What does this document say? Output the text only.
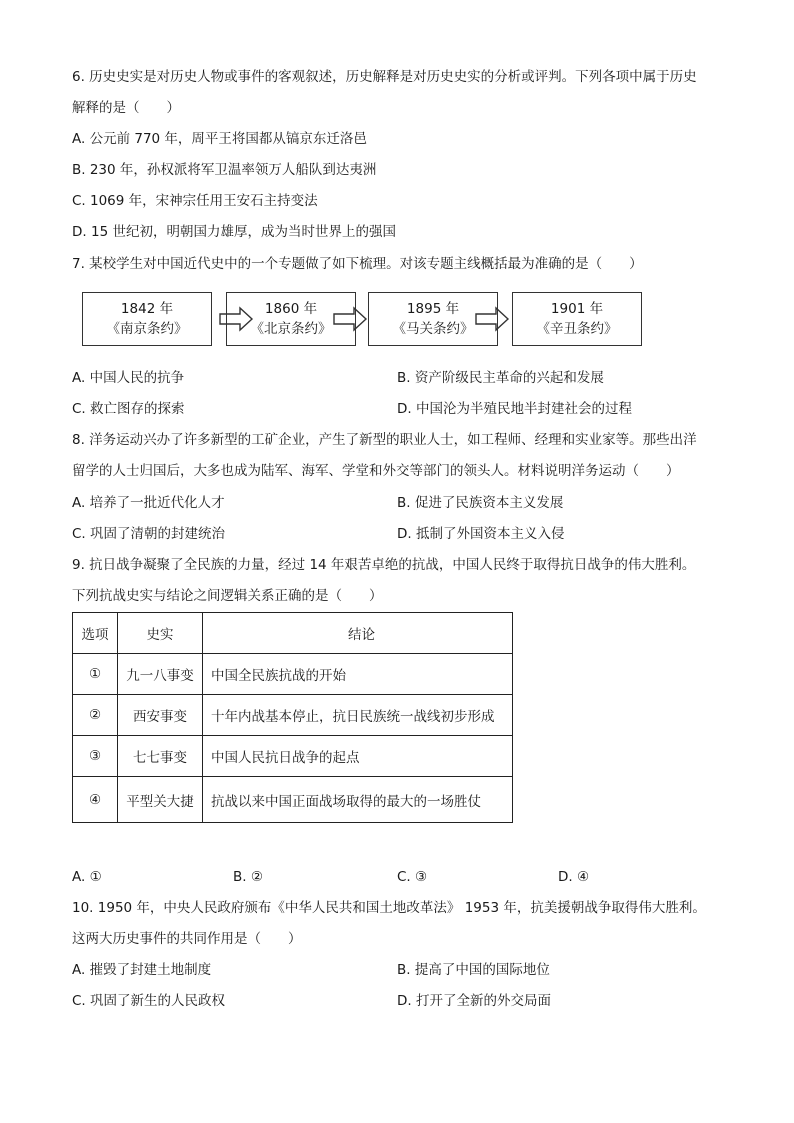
6. 历史史实是对历史人物或事件的客观叙述，历史解释是对历史史实的分析或评判。下列各项中属于历史
解释的是（　　）
A. 公元前 770 年，周平王将国都从镐京东迁洛邑
B. 230 年，孙权派将军卫温率领万人船队到达夷洲
C. 1069 年，宋神宗任用王安石主持变法
D. 15 世纪初，明朝国力雄厚，成为当时世界上的强国
7. 某校学生对中国近代史中的一个专题做了如下梳理。对该专题主线概括最为准确的是（　　）
1842 年
《南京条约》
1860 年
《北京条约》
1895 年
《马关条约》
1901 年
《辛丑条约》
A. 中国人民的抗争	B. 资产阶级民主革命的兴起和发展
C. 救亡图存的探索	D. 中国沦为半殖民地半封建社会的过程
8. 洋务运动兴办了许多新型的工矿企业，产生了新型的职业人士，如工程师、经理和实业家等。那些出洋
留学的人士归国后，大多也成为陆军、海军、学堂和外交等部门的领头人。材料说明洋务运动（　　）
A. 培养了一批近代化人才	B. 促进了民族资本主义发展
C. 巩固了清朝的封建统治	D. 抵制了外国资本主义入侵
9. 抗日战争凝聚了全民族的力量，经过 14 年艰苦卓绝的抗战，中国人民终于取得抗日战争的伟大胜利。
下列抗战史实与结论之间逻辑关系正确的是（　　）
选项	史实	结论
①	九一八事变	中国全民族抗战的开始
②	西安事变	十年内战基本停止，抗日民族统一战线初步形成
③	七七事变	中国人民抗日战争的起点
④	平型关大捷	抗战以来中国正面战场取得的最大的一场胜仗
A. ①	B. ②	C. ③	D. ④
10. 1950 年，中央人民政府颁布《中华人民共和国土地改革法》 1953 年，抗美援朝战争取得伟大胜利。
这两大历史事件的共同作用是（　　）
A. 摧毁了封建土地制度	B. 提高了中国的国际地位
C. 巩固了新生的人民政权	D. 打开了全新的外交局面
